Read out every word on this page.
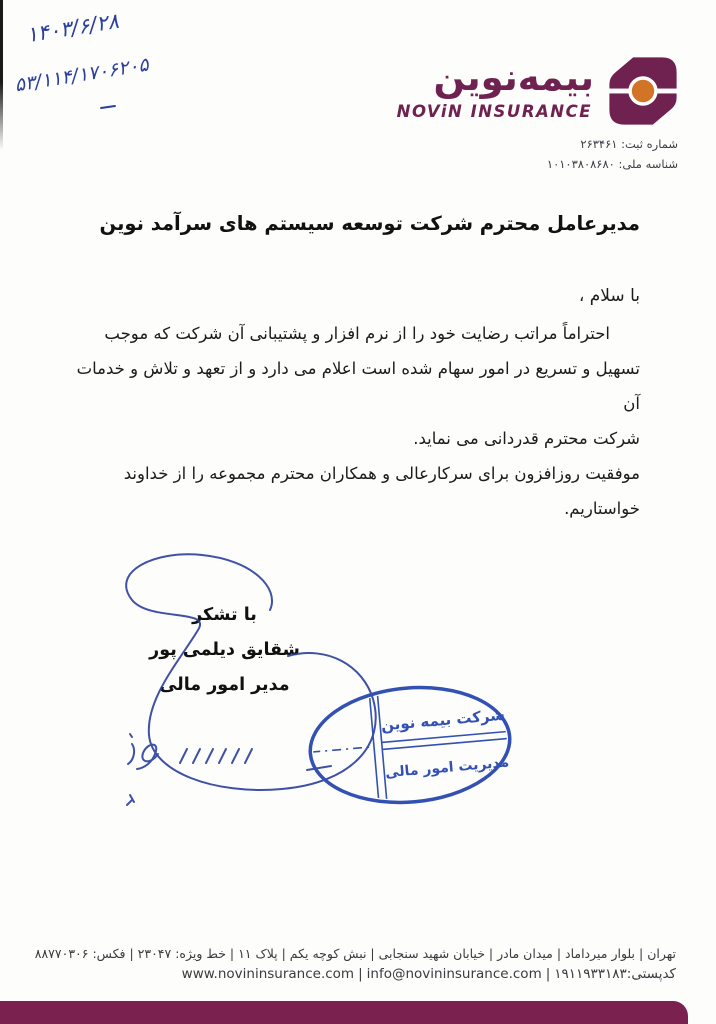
۱۴۰۳/۶/۲۸
۵۳/۱۱۴/۱۷۰۶۲۰۵	بیمه‌نوین
NOViN INSURANCE
شماره ثبت: ۲۶۳۴۶۱
شناسه ملی: ۱۰۱۰۳۸۰۸۶۸۰
مدیرعامل محترم شرکت توسعه سیستم های سرآمد نوین
با سلام ،
احتراماً مراتب رضایت خود را از نرم افزار و پشتیبانی آن شرکت که موجب
تسهیل و تسریع در امور سهام شده است اعلام می دارد و از تعهد و تلاش و خدمات آن
شرکت محترم قدردانی می نماید.
موفقیت روزافزون برای سرکارعالی و همکاران محترم مجموعه را از خداوند خواستاریم.
با تشکر
شقایق دیلمی پور
مدیر امور مالی
شرکت بیمه نوین
مدیریت امور مالی
تهران | بلوار میرداماد | میدان مادر | خیابان شهید سنجابی | نبش کوچه یکم | پلاک ۱۱ | خط ویژه: ۲۳۰۴۷ | فکس: ۸۸۷۷۰۳۰۶
www.novininsurance.com | info@novininsurance.com |	کدپستی:۱۹۱۱۹۳۳۱۸۳
